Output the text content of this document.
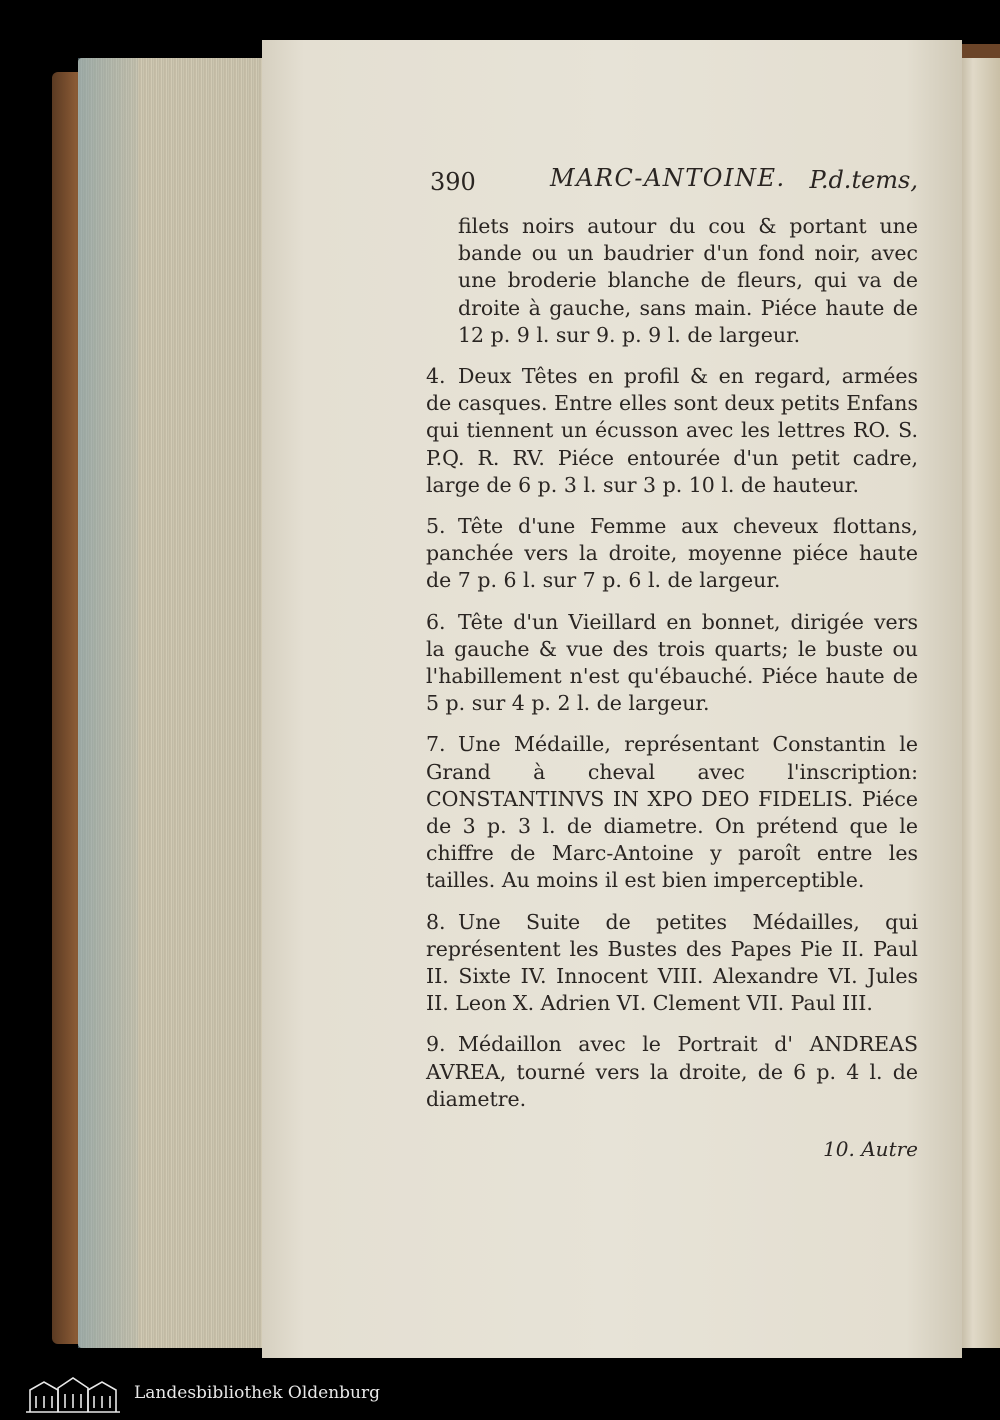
390	MARC-ANTOINE. P.d.tems,

filets noirs autour du cou & portant une bande ou un baudrier d'un fond noir, avec une broderie blanche de fleurs, qui va de droite à gauche, sans main. Piéce haute de 12 p. 9 l. sur 9. p. 9 l. de largeur.

4. Deux Têtes en profil & en regard, armées de casques. Entre elles sont deux petits Enfans qui tiennent un écusson avec les lettres RO. S. P.Q. R. RV. Piéce entourée d'un petit cadre, large de 6 p. 3 l. sur 3 p. 10 l. de hauteur.

5. Tête d'une Femme aux cheveux flottans, panchée vers la droite, moyenne piéce haute de 7 p. 6 l. sur 7 p. 6 l. de largeur.

6. Tête d'un Vieillard en bonnet, dirigée vers la gauche & vue des trois quarts; le buste ou l'habillement n'est qu'ébauché. Piéce haute de 5 p. sur 4 p. 2 l. de largeur.

7. Une Médaille, représentant Constantin le Grand à cheval avec l'inscription: CONSTANTINVS IN XPO DEO FIDELIS. Piéce de 3 p. 3 l. de diametre. On prétend que le chiffre de Marc-Antoine y paroît entre les tailles. Au moins il est bien imperceptible.

8. Une Suite de petites Médailles, qui représentent les Bustes des Papes Pie II. Paul II. Sixte IV. Innocent VIII. Alexandre VI. Jules II. Leon X. Adrien VI. Clement VII. Paul III.

9. Médaillon avec le Portrait d' ANDREAS AVREA, tourné vers la droite, de 6 p. 4 l. de diametre.

10. Autre
Landesbibliothek Oldenburg
